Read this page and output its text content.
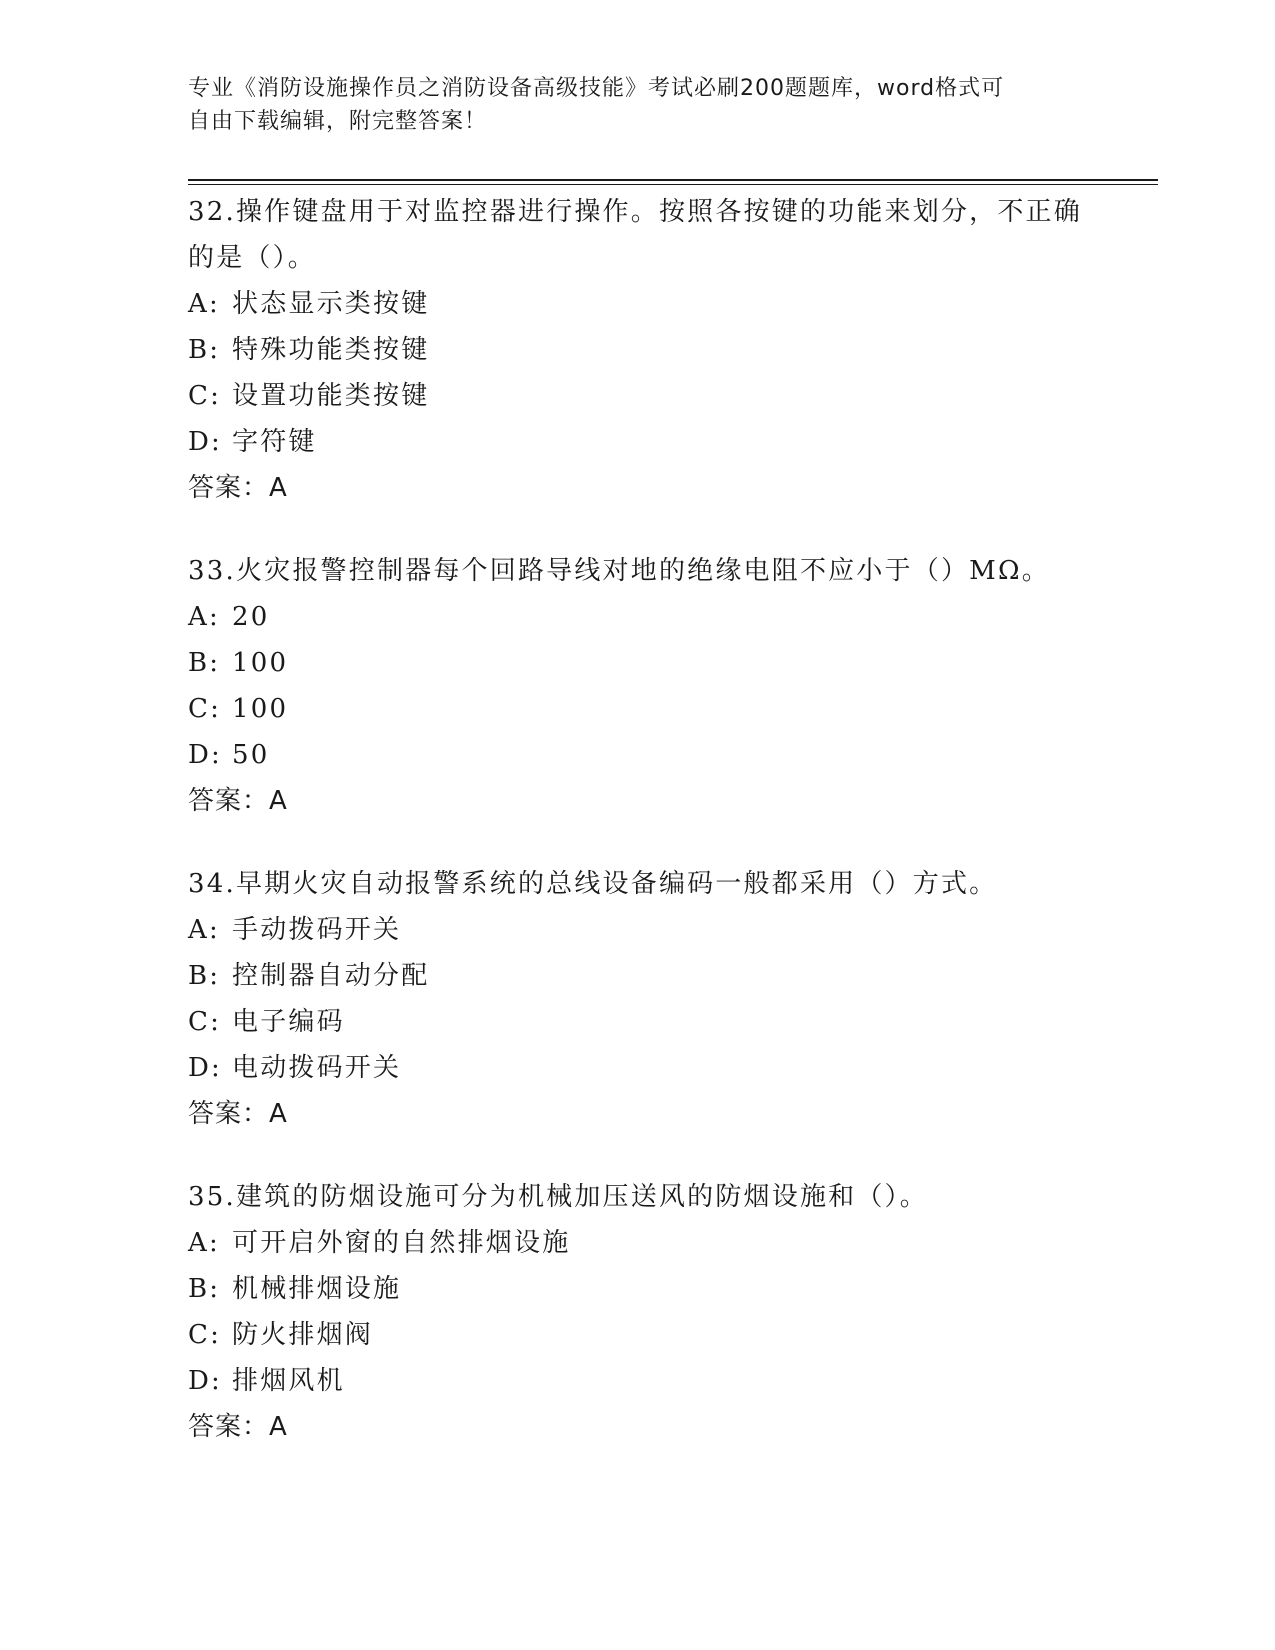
专业《消防设施操作员之消防设备高级技能》考试必刷200题题库，word格式可
自由下载编辑，附完整答案！
32.操作键盘用于对监控器进行操作。按照各按键的功能来划分，不正确的是（）。
A: 状态显示类按键
B: 特殊功能类按键
C: 设置功能类按键
D: 字符键
答案：A
33.火灾报警控制器每个回路导线对地的绝缘电阻不应小于（）MΩ。
A: 20
B: 100
C: 100
D: 50
答案：A
34.早期火灾自动报警系统的总线设备编码一般都采用（）方式。
A: 手动拨码开关
B: 控制器自动分配
C: 电子编码
D: 电动拨码开关
答案：A
35.建筑的防烟设施可分为机械加压送风的防烟设施和（）。
A: 可开启外窗的自然排烟设施
B: 机械排烟设施
C: 防火排烟阀
D: 排烟风机
答案：A
